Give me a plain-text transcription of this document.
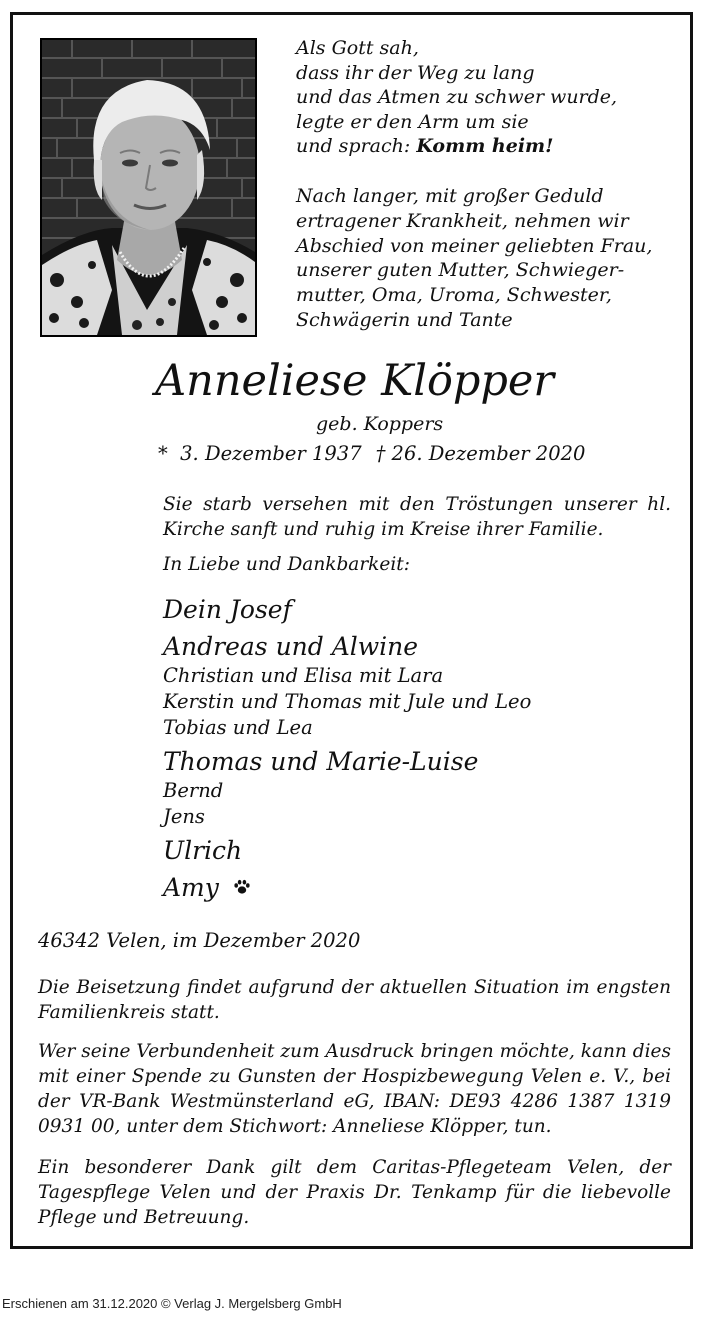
Als Gott sah,
dass ihr der Weg zu lang
und das Atmen zu schwer wurde,
legte er den Arm um sie
und sprach: Komm heim!
Nach langer, mit großer Geduld
ertragener Krankheit, nehmen wir
Abschied von meiner geliebten Frau,
unserer guten Mutter, Schwieger-
mutter, Oma, Uroma, Schwester,
Schwägerin und Tante
Anneliese Klöpper

geb. Koppers

*  3. Dezember 1937 † 26. Dezember 2020

Sie starb versehen mit den Tröstungen unserer hl. Kirche sanft und ruhig im Kreise ihrer Familie.

In Liebe und Dankbarkeit:

Dein Josef
Andreas und Alwine
Christian und Elisa mit Lara
Kerstin und Thomas mit Jule und Leo
Tobias und Lea
Thomas und Marie-Luise
Bernd
Jens
Ulrich
Amy

46342 Velen, im Dezember 2020

Die Beisetzung findet aufgrund der aktuellen Situation im engsten Familienkreis statt.

Wer seine Verbundenheit zum Ausdruck bringen möchte, kann dies mit einer Spende zu Gunsten der Hospizbewegung Velen e. V., bei der VR-Bank Westmünsterland eG, IBAN: DE93 4286 1387 1319 0931 00, unter dem Stichwort: Anneliese Klöpper, tun.

Ein besonderer Dank gilt dem Caritas-Pflegeteam Velen, der Tagespflege Velen und der Praxis Dr. Tenkamp für die liebevolle Pflege und Betreuung.

Erschienen am 31.12.2020 © Verlag J. Mergelsberg GmbH
